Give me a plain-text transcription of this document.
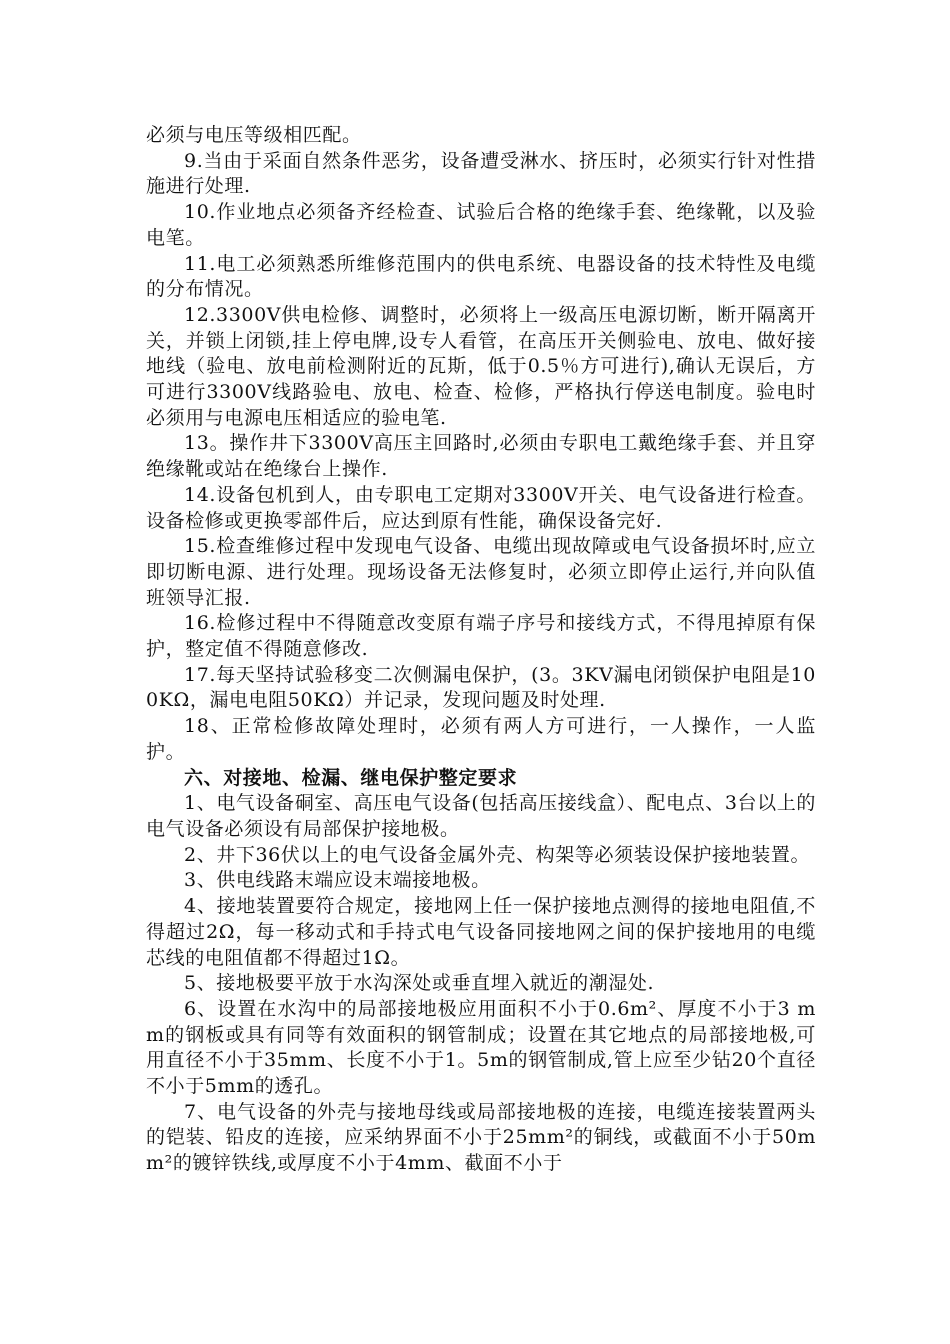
必须与电压等级相匹配。

9.当由于采面自然条件恶劣，设备遭受淋水、挤压时，必须实行针对性措施进行处理.

10.作业地点必须备齐经检查、试验后合格的绝缘手套、绝缘靴，以及验电笔。

11.电工必须熟悉所维修范围内的供电系统、电器设备的技术特性及电缆的分布情况。

12.3300V供电检修、调整时，必须将上一级高压电源切断，断开隔离开关，并锁上闭锁,挂上停电牌,设专人看管，在高压开关侧验电、放电、做好接地线（验电、放电前检测附近的瓦斯，低于0.5％方可进行),确认无误后，方可进行3300V线路验电、放电、检查、检修，严格执行停送电制度。验电时必须用与电源电压相适应的验电笔.

13。操作井下3300V高压主回路时,必须由专职电工戴绝缘手套、并且穿绝缘靴或站在绝缘台上操作.

14.设备包机到人，由专职电工定期对3300V开关、电气设备进行检查。设备检修或更换零部件后，应达到原有性能，确保设备完好.

15.检查维修过程中发现电气设备、电缆出现故障或电气设备损坏时,应立即切断电源、进行处理。现场设备无法修复时，必须立即停止运行,并向队值班领导汇报.

16.检修过程中不得随意改变原有端子序号和接线方式，不得甩掉原有保护，整定值不得随意修改.

17.每天坚持试验移变二次侧漏电保护，(3。3KV漏电闭锁保护电阻是100KΩ，漏电电阻50KΩ）并记录，发现问题及时处理.

18、正常检修故障处理时，必须有两人方可进行，一人操作，一人监护。

六、对接地、检漏、继电保护整定要求

1、电气设备硐室、高压电气设备(包括高压接线盒）、配电点、3台以上的电气设备必须设有局部保护接地极。

2、井下36伏以上的电气设备金属外壳、构架等必须装设保护接地装置。

3、供电线路末端应设末端接地极。

4、接地装置要符合规定，接地网上任一保护接地点测得的接地电阻值,不得超过2Ω，每一移动式和手持式电气设备同接地网之间的保护接地用的电缆芯线的电阻值都不得超过1Ω。

5、接地极要平放于水沟深处或垂直埋入就近的潮湿处.

6、设置在水沟中的局部接地极应用面积不小于0.6m²、厚度不小于3 mm的钢板或具有同等有效面积的钢管制成；设置在其它地点的局部接地极,可用直径不小于35mm、长度不小于1。5m的钢管制成,管上应至少钻20个直径不小于5mm的透孔。

7、电气设备的外壳与接地母线或局部接地极的连接，电缆连接装置两头的铠装、铅皮的连接，应采纳界面不小于25mm²的铜线，或截面不小于50mm²的镀锌铁线,或厚度不小于4mm、截面不小于
